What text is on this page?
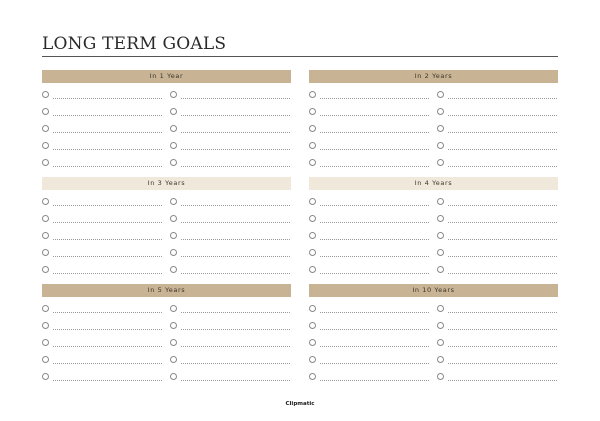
LONG TERM GOALS
In 1 Year	In 2 Years
In 3 Years	In 4 Years
In 5 Years	In 10 Years
Clipmatic
